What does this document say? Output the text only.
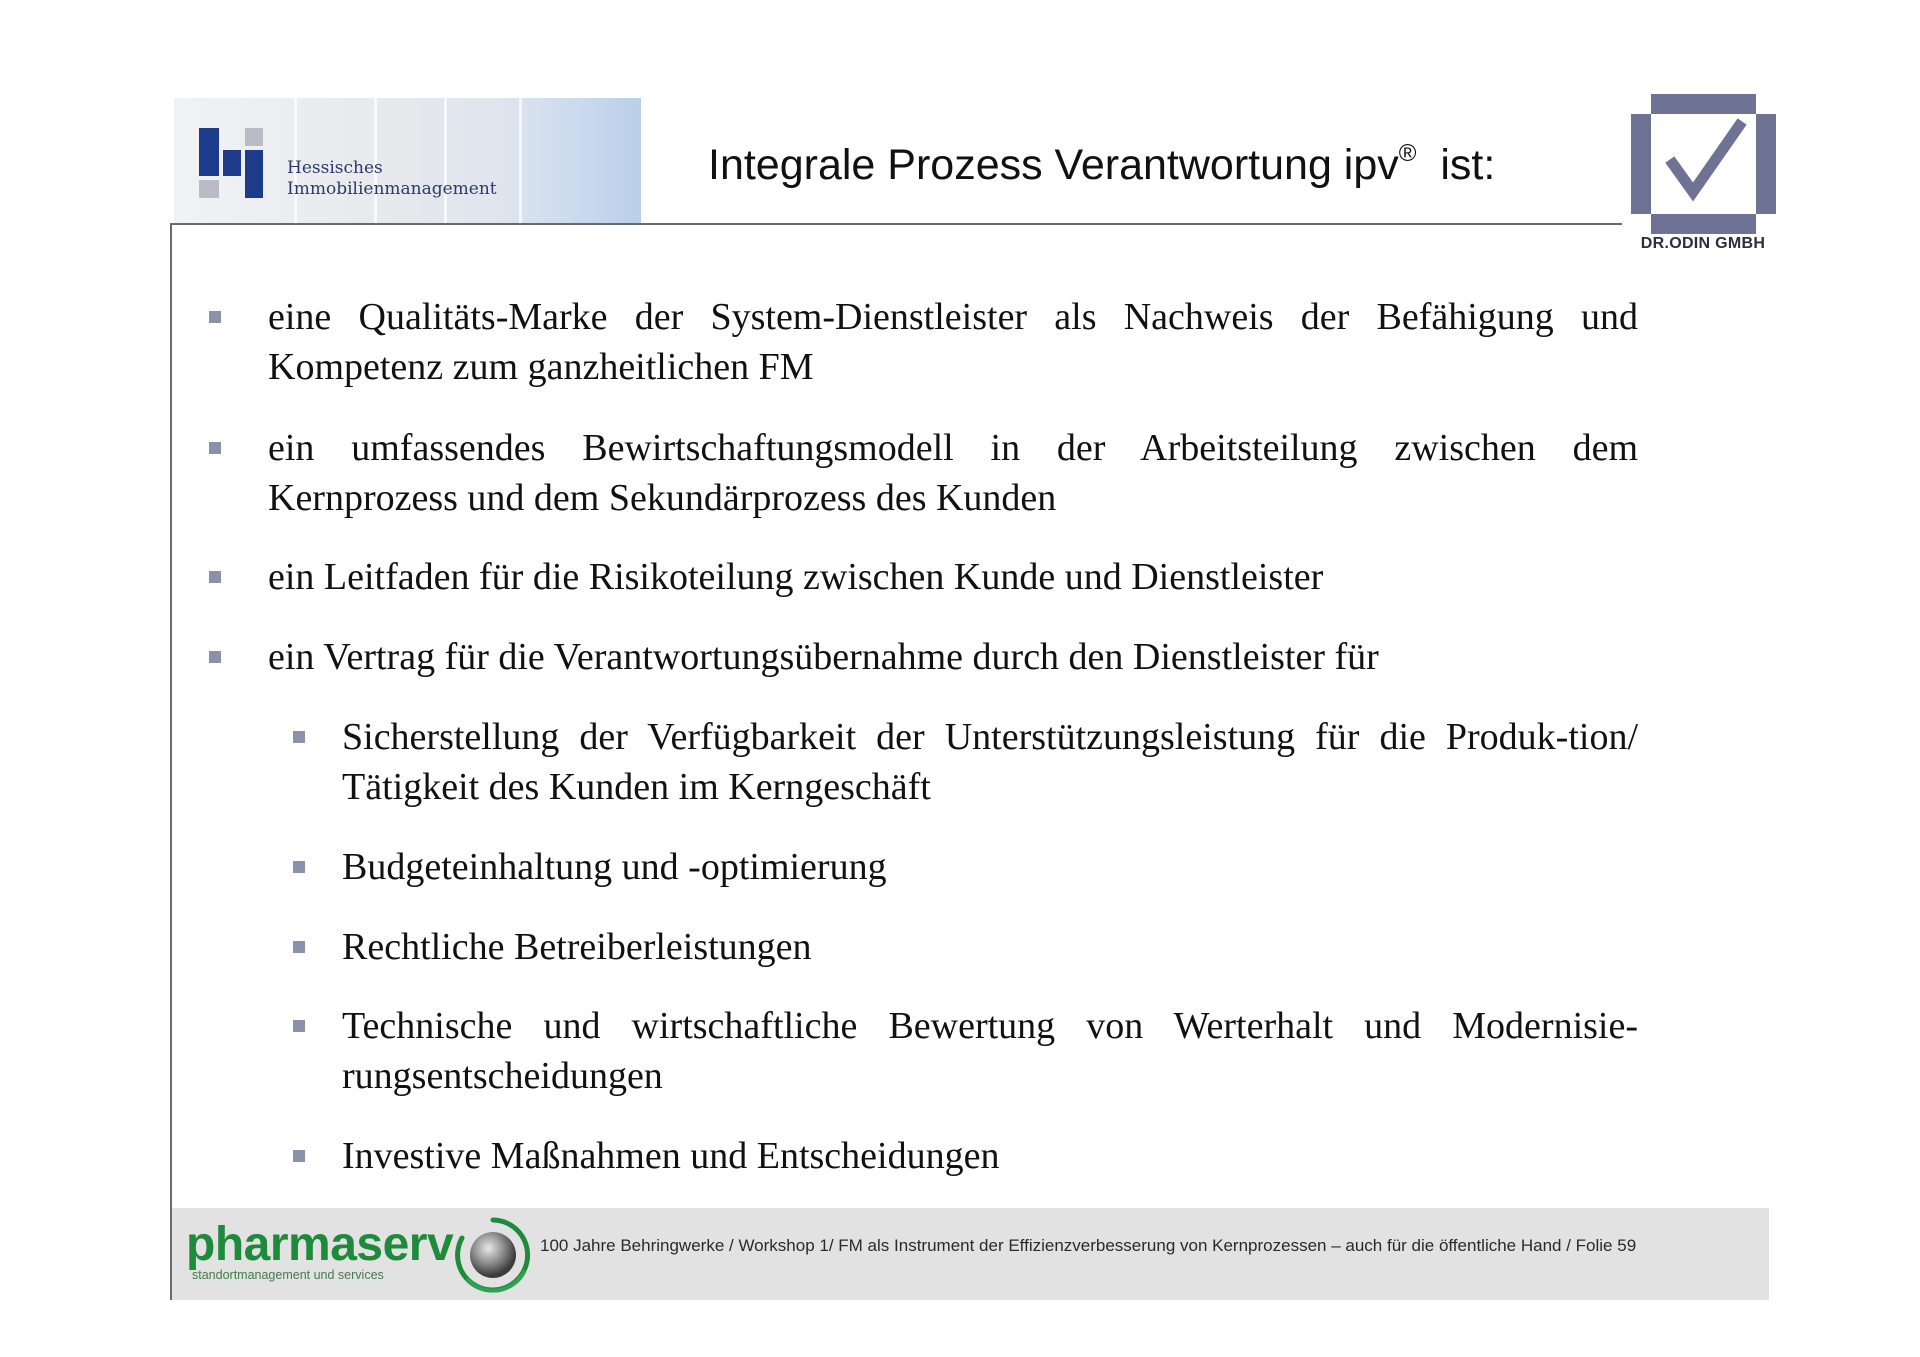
Hessisches
Immobilienmanagement	Integrale Prozess Verantwortung ipv® ist:
DR.ODIN GMBH
eine Qualitäts-Marke der System-Dienstleister als Nachweis der Befähigung und Kompetenz zum ganzheitlichen FM
ein umfassendes Bewirtschaftungsmodell in der Arbeitsteilung zwischen dem Kernprozess und dem Sekundärprozess des Kunden
ein Leitfaden für die Risikoteilung zwischen Kunde und Dienstleister
ein Vertrag für die Verantwortungsübernahme durch den Dienstleister für
Sicherstellung der Verfügbarkeit der Unterstützungsleistung für die Produk-tion/ Tätigkeit des Kunden im Kerngeschäft
Budgeteinhaltung und -optimierung
Rechtliche Betreiberleistungen
Technische und wirtschaftliche Bewertung von Werterhalt und Modernisie-rungsentscheidungen
Investive Maßnahmen und Entscheidungen
pharmaserv
standortmanagement und services
100 Jahre Behringwerke / Workshop 1/ FM als Instrument der Effizienzverbesserung von Kernprozessen – auch für die öffentliche Hand / Folie 59
